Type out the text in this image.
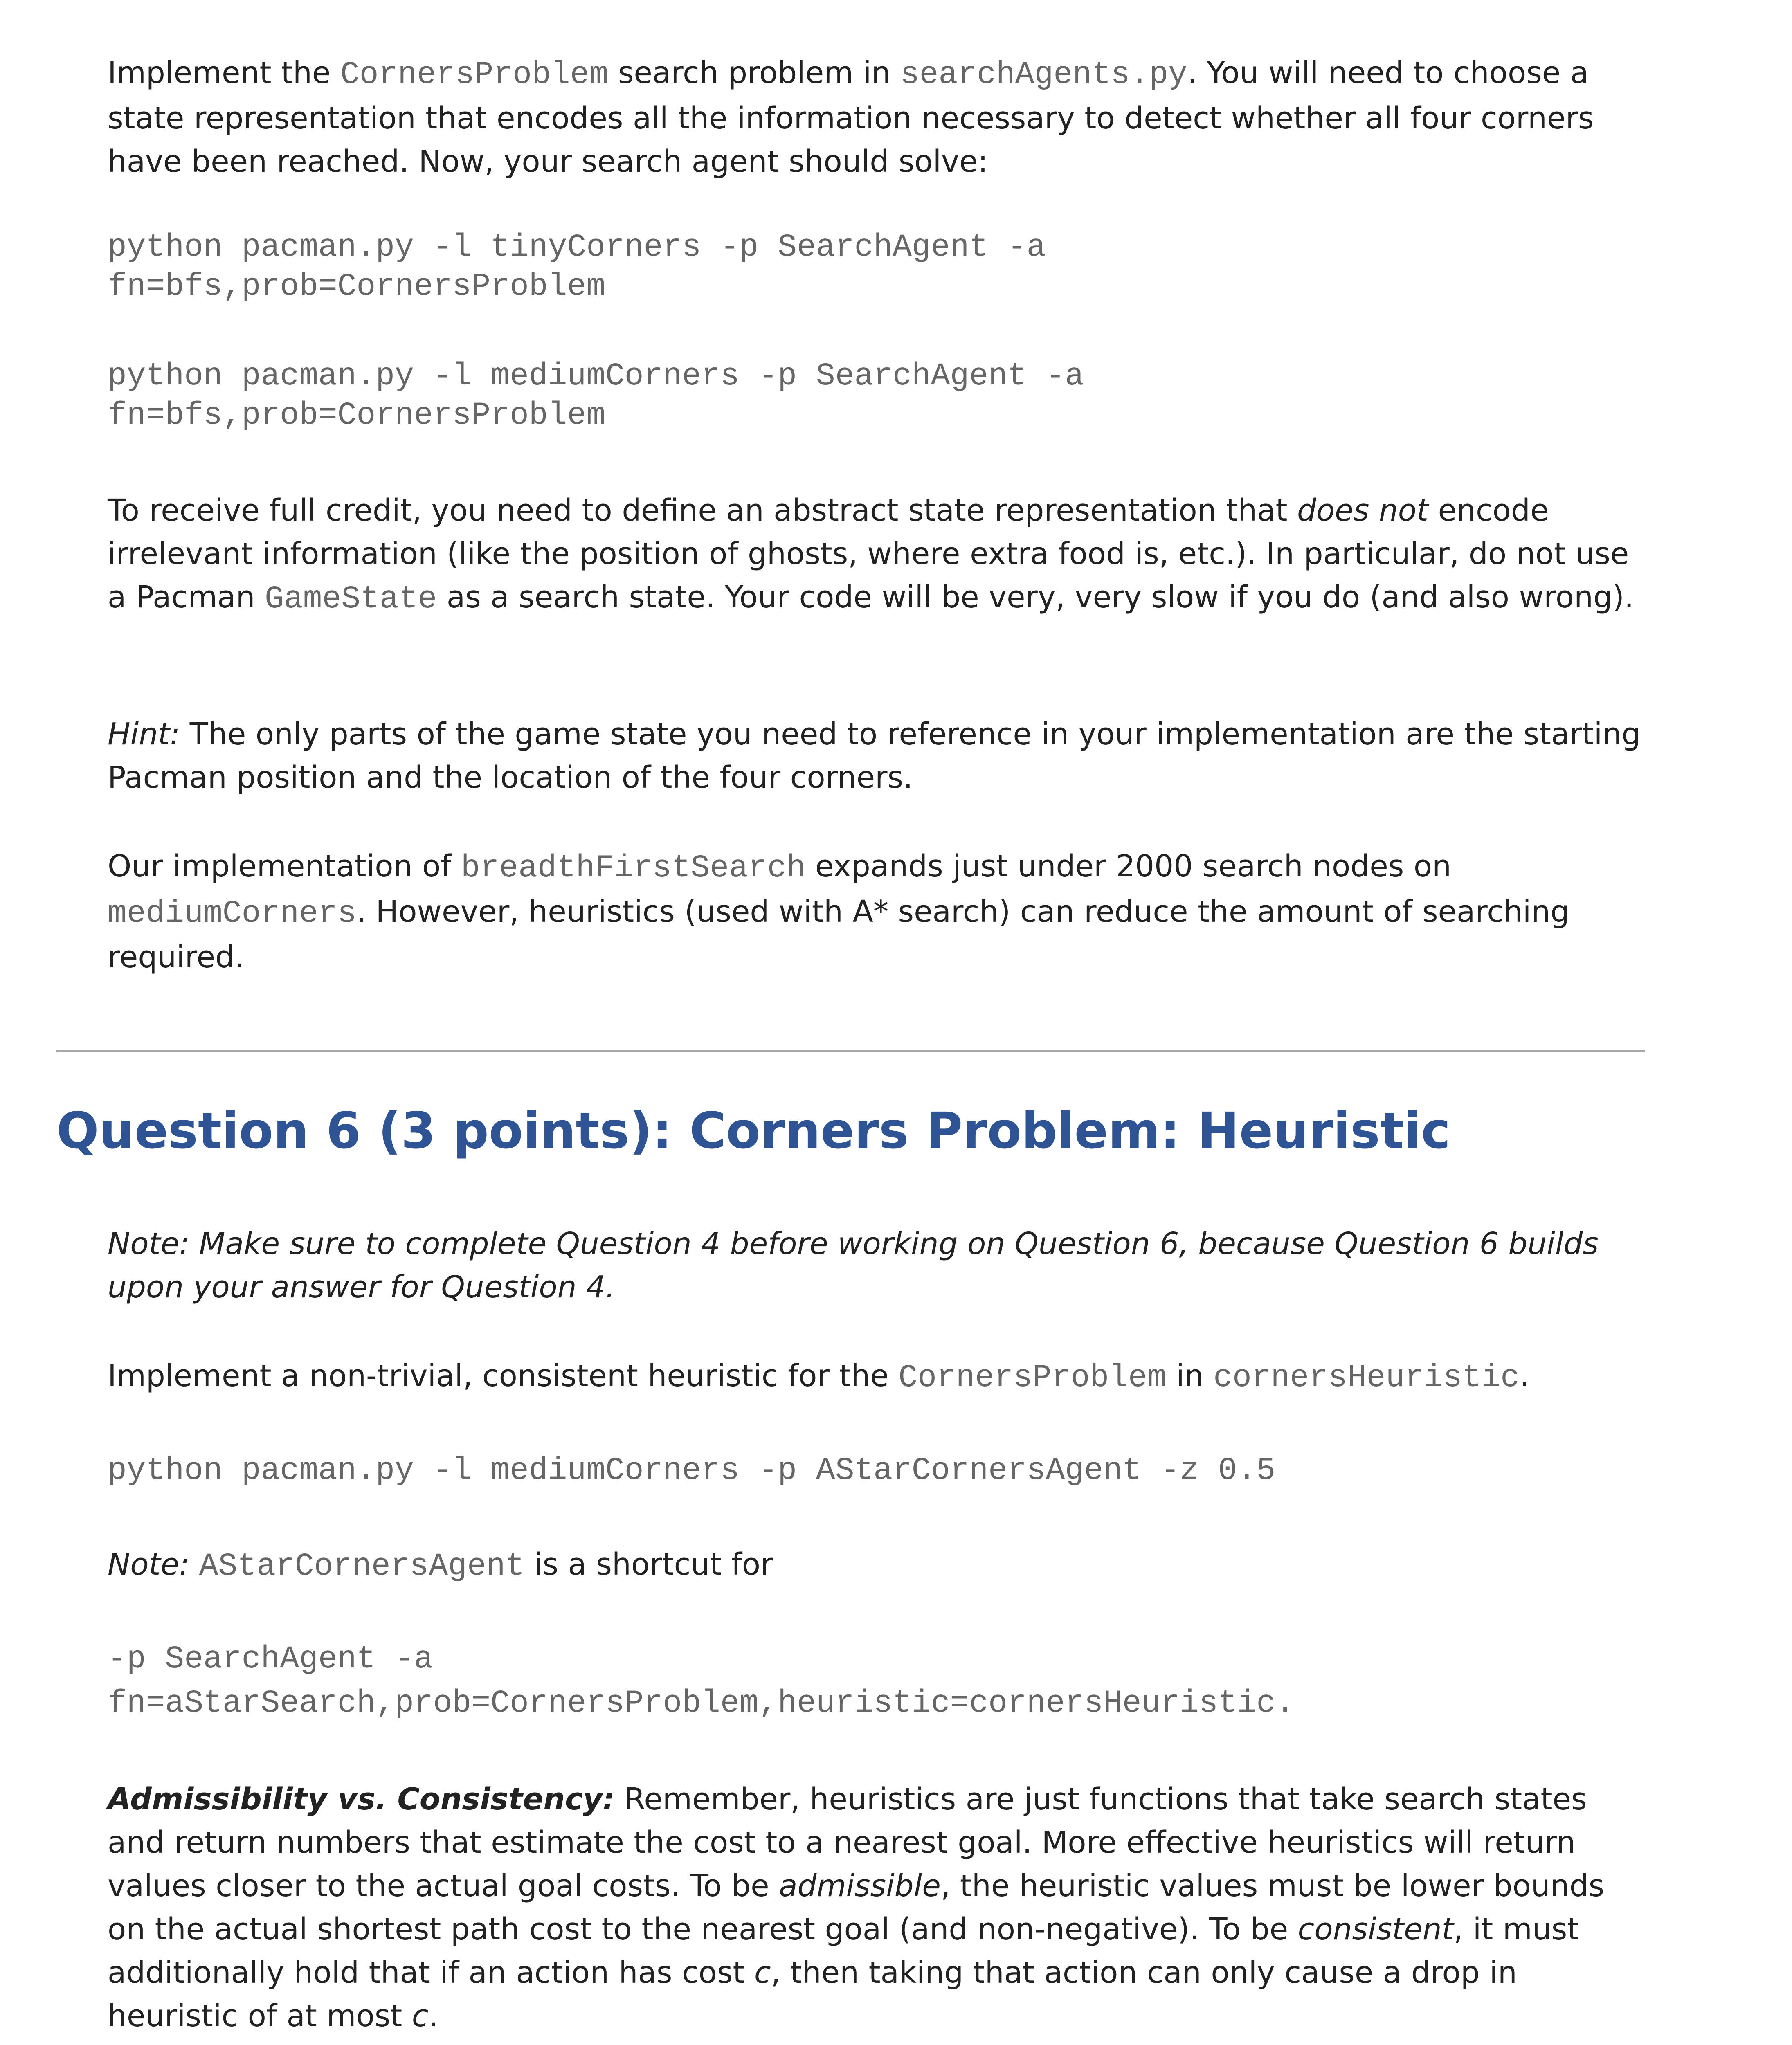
Implement the CornersProblem search problem in searchAgents.py. You will need to choose a state representation that encodes all the information necessary to detect whether all four corners have been reached. Now, your search agent should solve:

python pacman.py -l tinyCorners -p SearchAgent -a
fn=bfs,prob=CornersProblem
python pacman.py -l mediumCorners -p SearchAgent -a
fn=bfs,prob=CornersProblem

To receive full credit, you need to define an abstract state representation that does not encode irrelevant information (like the position of ghosts, where extra food is, etc.). In particular, do not use a Pacman GameState as a search state. Your code will be very, very slow if you do (and also wrong).

Hint: The only parts of the game state you need to reference in your implementation are the starting Pacman position and the location of the four corners.

Our implementation of breadthFirstSearch expands just under 2000 search nodes on mediumCorners. However, heuristics (used with A* search) can reduce the amount of searching required.

Question 6 (3 points): Corners Problem: Heuristic

Note: Make sure to complete Question 4 before working on Question 6, because Question 6 builds upon your answer for Question 4.

Implement a non-trivial, consistent heuristic for the CornersProblem in cornersHeuristic.

python pacman.py -l mediumCorners -p AStarCornersAgent -z 0.5

Note: AStarCornersAgent is a shortcut for

-p SearchAgent -a
fn=aStarSearch,prob=CornersProblem,heuristic=cornersHeuristic.

Admissibility vs. Consistency: Remember, heuristics are just functions that take search states and return numbers that estimate the cost to a nearest goal. More effective heuristics will return values closer to the actual goal costs. To be admissible, the heuristic values must be lower bounds on the actual shortest path cost to the nearest goal (and non-negative). To be consistent, it must additionally hold that if an action has cost c, then taking that action can only cause a drop in heuristic of at most c.
